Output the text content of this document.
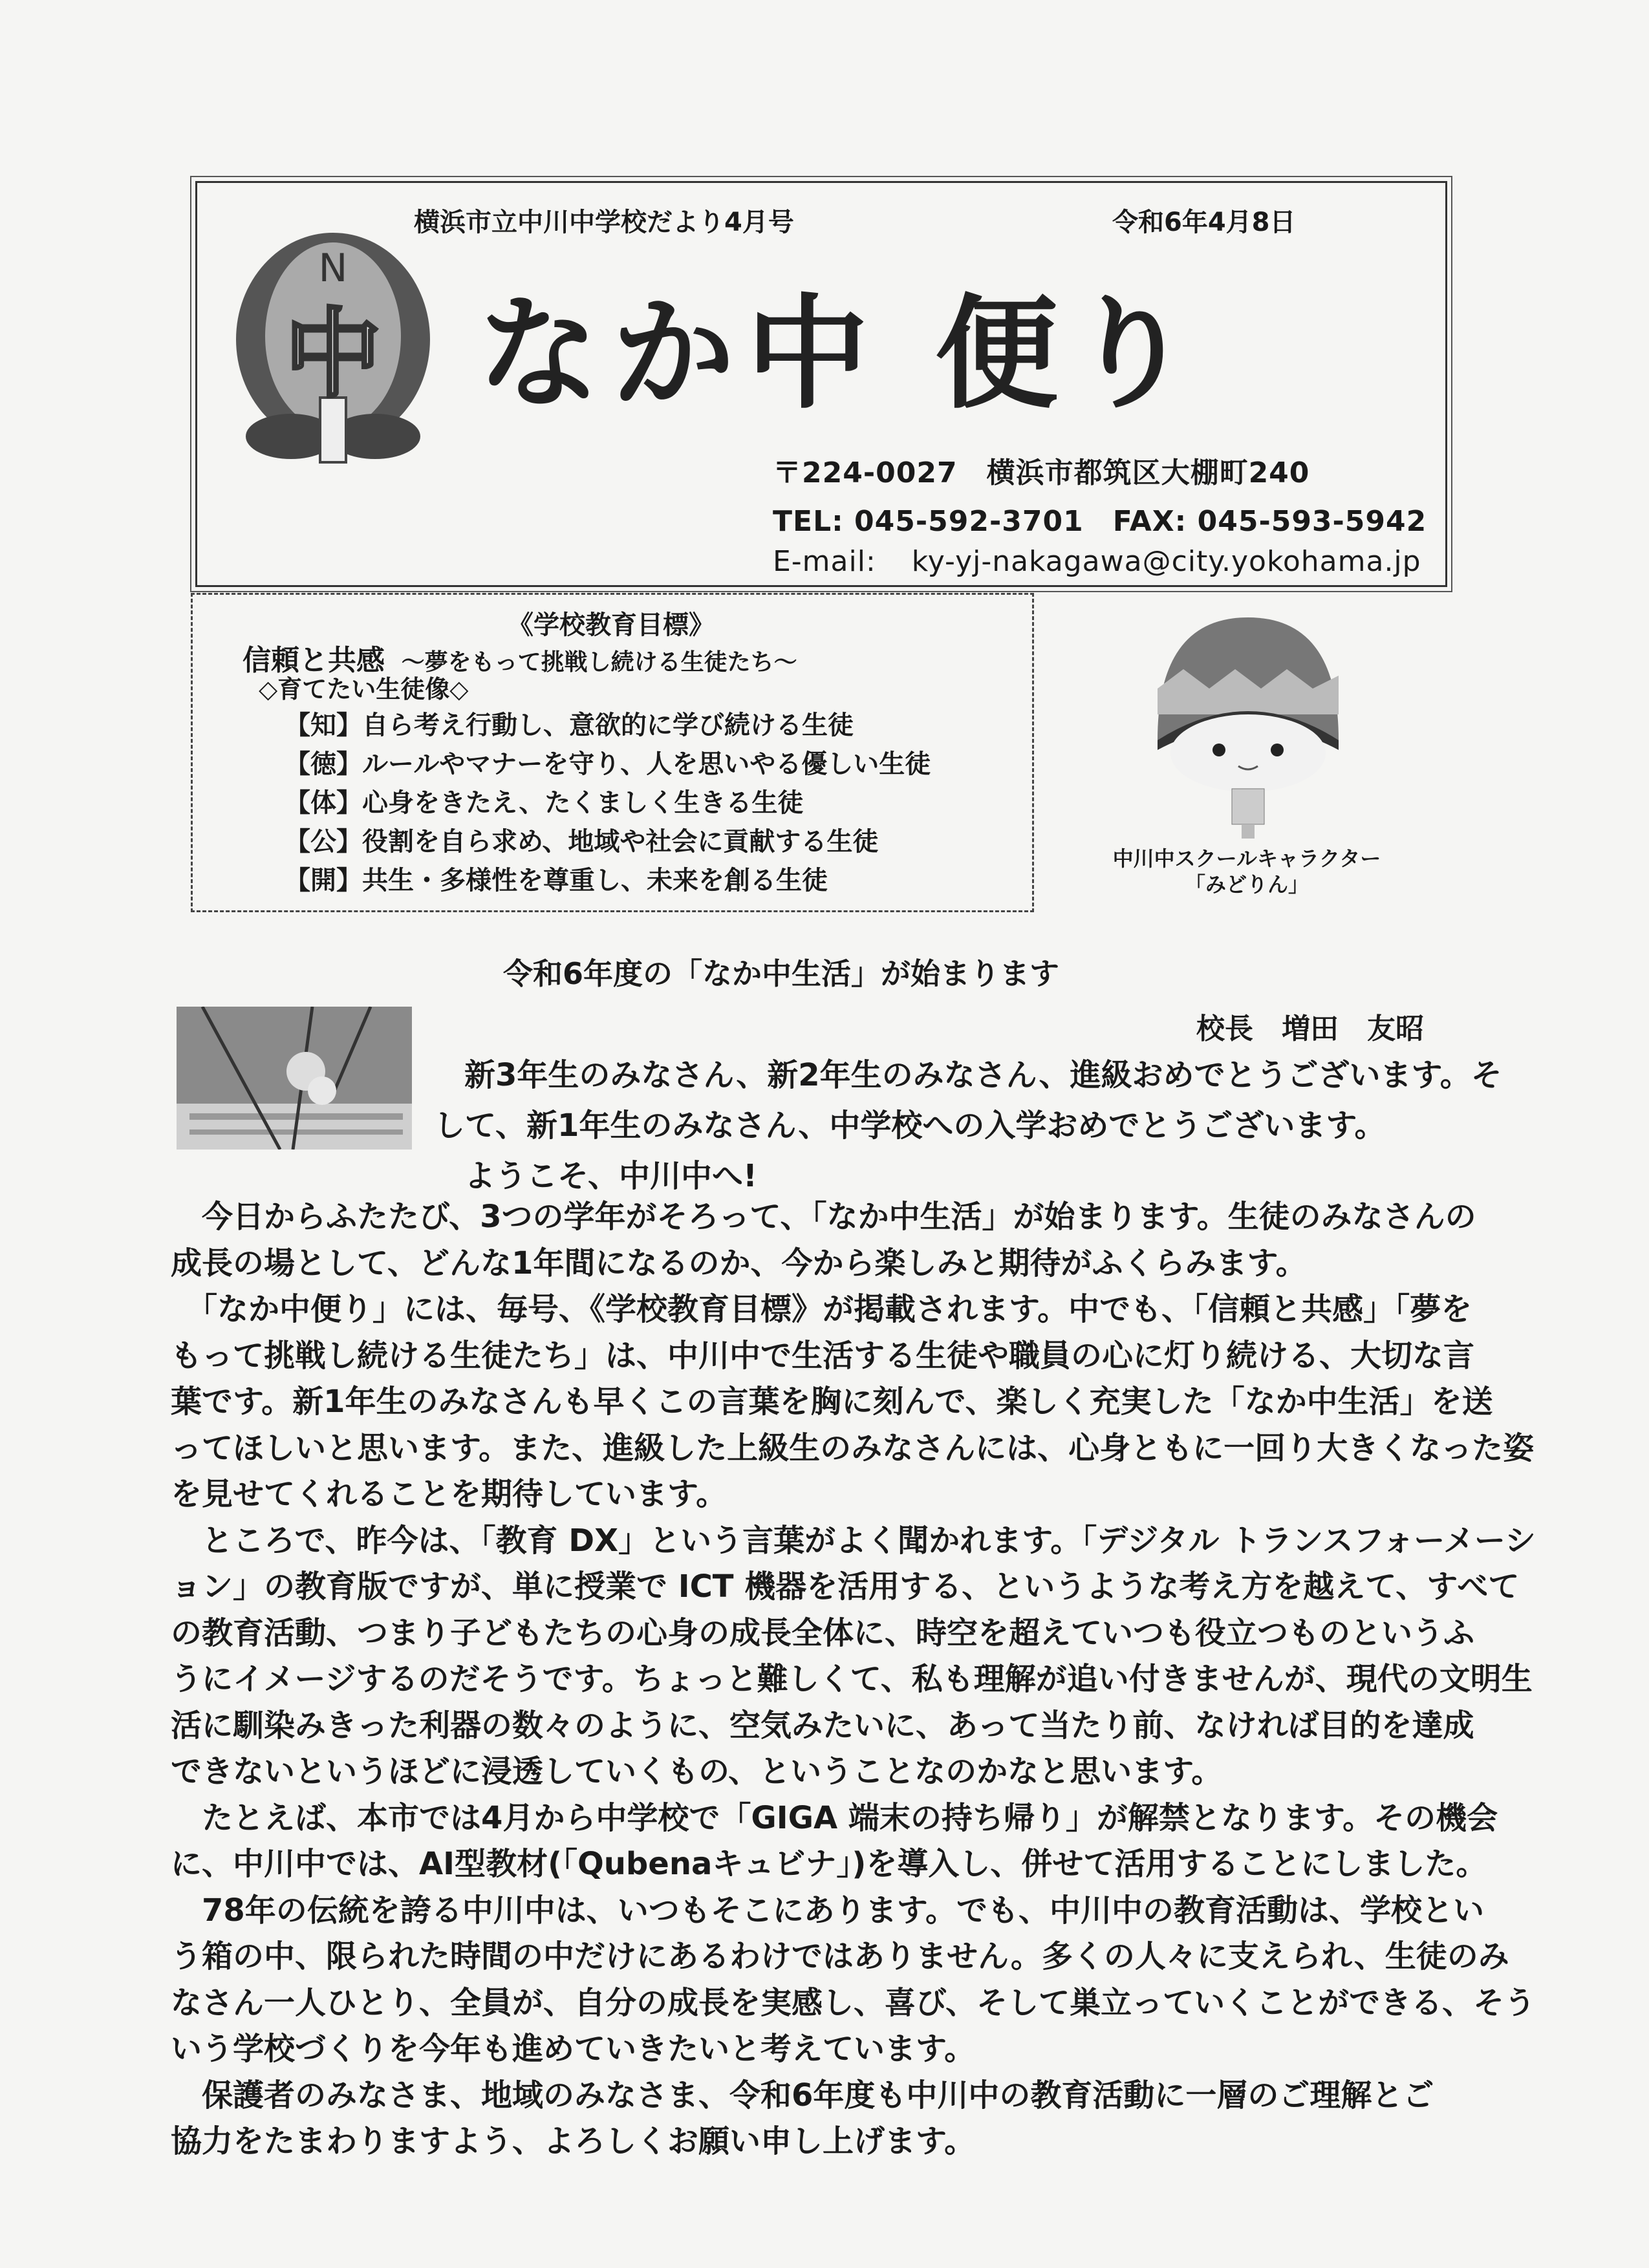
横浜市立中川中学校だより4月号	令和6年4月8日
N
中 なか中 便り
〒224-0027　横浜市都筑区大棚町240
TEL: 045-592-3701　FAX: 045-593-5942
E-mail: ky-yj-nakagawa@city.yokohama.jp
《学校教育目標》
信頼と共感 ～夢をもって挑戦し続ける生徒たち～
◇育てたい生徒像◇
【知】自ら考え行動し、意欲的に学び続ける生徒
【徳】ルールやマナーを守り、人を思いやる優しい生徒
【体】心身をきたえ、たくましく生きる生徒
【公】役割を自ら求め、地域や社会に貢献する生徒
【開】共生・多様性を尊重し、未来を創る生徒
中川中スクールキャラクター
「みどりん」
令和6年度の「なか中生活」が始まります
校長　増田　友昭
新3年生のみなさん、新2年生のみなさん、進級おめでとうございます。そ
して、新1年生のみなさん、中学校への入学おめでとうございます。
ようこそ、中川中へ!
　今日からふたたび、3つの学年がそろって、「なか中生活」が始まります。生徒のみなさんの
成長の場として、どんな1年間になるのか、今から楽しみと期待がふくらみます。
　「なか中便り」には、毎号、《学校教育目標》が掲載されます。中でも、「信頼と共感」「夢を
もって挑戦し続ける生徒たち」は、中川中で生活する生徒や職員の心に灯り続ける、大切な言
葉です。新1年生のみなさんも早くこの言葉を胸に刻んで、楽しく充実した「なか中生活」を送
ってほしいと思います。また、進級した上級生のみなさんには、心身ともに一回り大きくなった姿
を見せてくれることを期待しています。
　ところで、昨今は、「教育 DX」という言葉がよく聞かれます。「デジタル トランスフォーメーシ
ョン」の教育版ですが、単に授業で ICT 機器を活用する、というような考え方を越えて、すべて
の教育活動、つまり子どもたちの心身の成長全体に、時空を超えていつも役立つものというふ
うにイメージするのだそうです。ちょっと難しくて、私も理解が追い付きませんが、現代の文明生
活に馴染みきった利器の数々のように、空気みたいに、あって当たり前、なければ目的を達成
できないというほどに浸透していくもの、ということなのかなと思います。
　たとえば、本市では4月から中学校で「GIGA 端末の持ち帰り」が解禁となります。その機会
に、中川中では、AI型教材(「Qubenaキュビナ」)を導入し、併せて活用することにしました。
　78年の伝統を誇る中川中は、いつもそこにあります。でも、中川中の教育活動は、学校とい
う箱の中、限られた時間の中だけにあるわけではありません。多くの人々に支えられ、生徒のみ
なさん一人ひとり、全員が、自分の成長を実感し、喜び、そして巣立っていくことができる、そう
いう学校づくりを今年も進めていきたいと考えています。
　保護者のみなさま、地域のみなさま、令和6年度も中川中の教育活動に一層のご理解とご
協力をたまわりますよう、よろしくお願い申し上げます。
